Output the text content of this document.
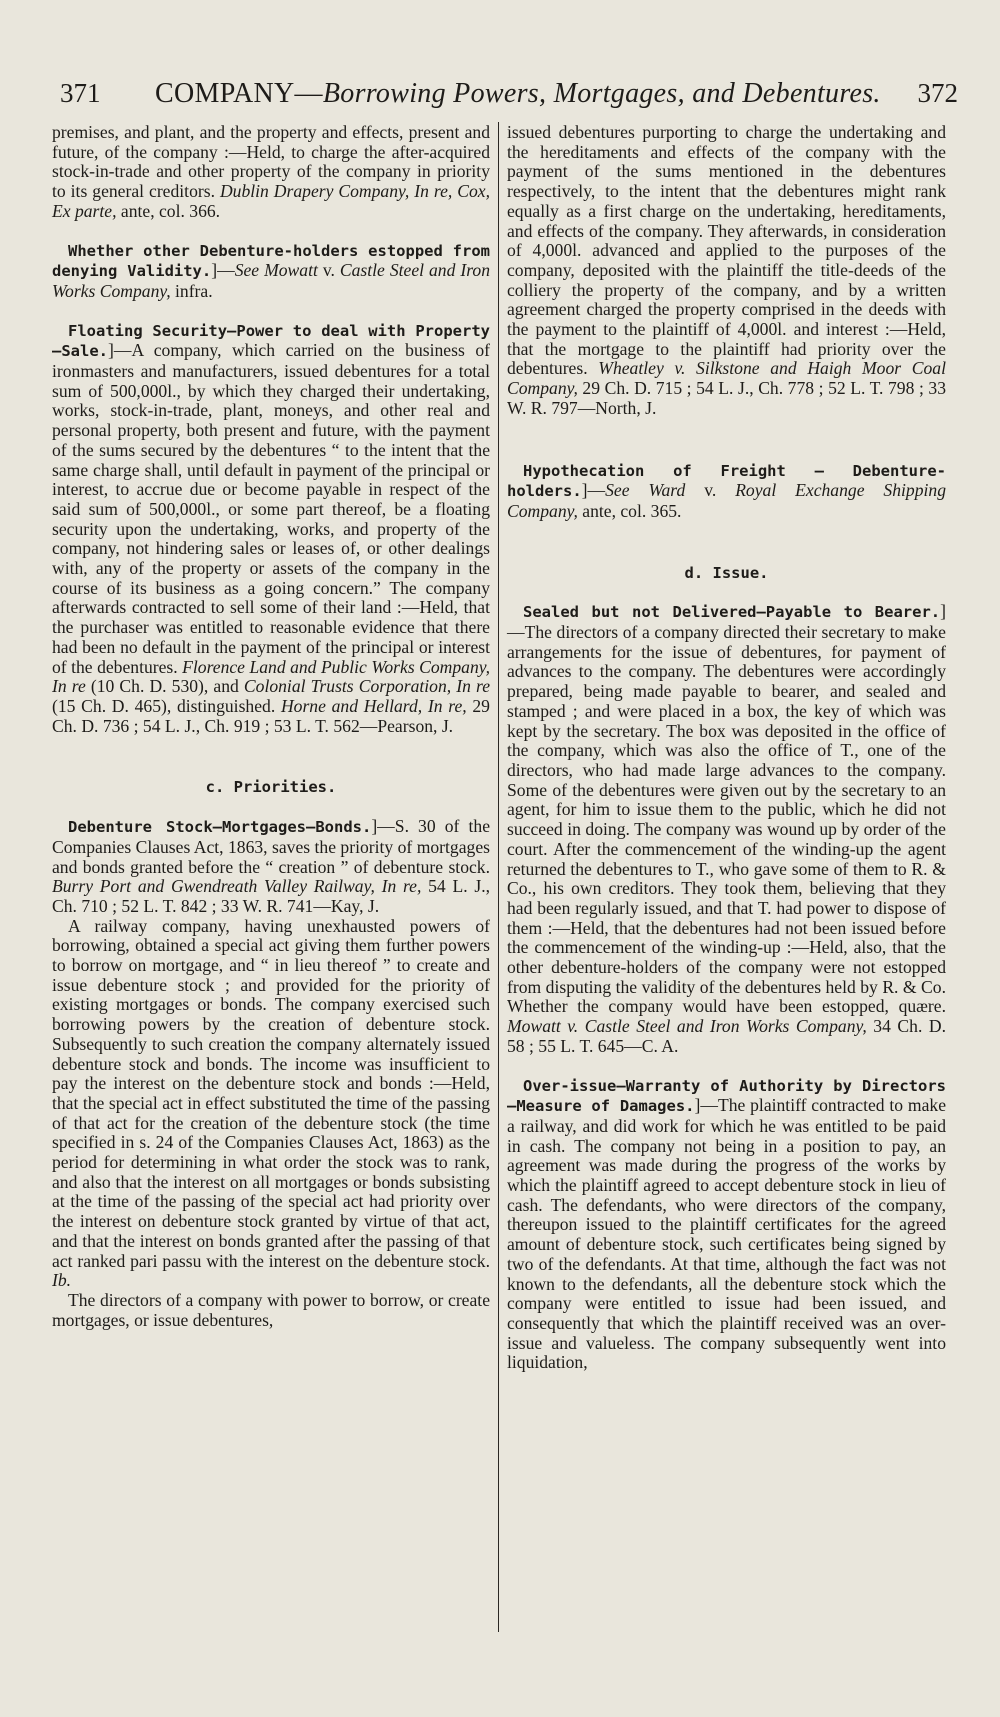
371 COMPANY—Borrowing Powers, Mortgages, and Debentures. 372

premises, and plant, and the property and effects, present and future, of the company :—Held, to charge the after-acquired stock-in-trade and other property of the company in priority to its general creditors. Dublin Drapery Company, In re, Cox, Ex parte, ante, col. 366.

Whether other Debenture-holders estopped from denying Validity.]—See Mowatt v. Castle Steel and Iron Works Company, infra.

Floating Security—Power to deal with Property—Sale.]—A company, which carried on the business of ironmasters and manufacturers, issued debentures for a total sum of 500,000l., by which they charged their undertaking, works, stock-in-trade, plant, moneys, and other real and personal property, both present and future, with the payment of the sums secured by the debentures “ to the intent that the same charge shall, until default in payment of the principal or interest, to accrue due or become payable in respect of the said sum of 500,000l., or some part thereof, be a floating security upon the undertaking, works, and property of the company, not hindering sales or leases of, or other dealings with, any of the property or assets of the company in the course of its business as a going concern.” The company afterwards contracted to sell some of their land :—Held, that the purchaser was entitled to reasonable evidence that there had been no default in the payment of the principal or interest of the debentures. Florence Land and Public Works Company, In re (10 Ch. D. 530), and Colonial Trusts Corporation, In re (15 Ch. D. 465), distinguished. Horne and Hellard, In re, 29 Ch. D. 736 ; 54 L. J., Ch. 919 ; 53 L. T. 562—Pearson, J.

c. Priorities.

Debenture Stock—Mortgages—Bonds.]—S. 30 of the Companies Clauses Act, 1863, saves the priority of mortgages and bonds granted before the “ creation ” of debenture stock. Burry Port and Gwendreath Valley Railway, In re, 54 L. J., Ch. 710 ; 52 L. T. 842 ; 33 W. R. 741—Kay, J.

A railway company, having unexhausted powers of borrowing, obtained a special act giving them further powers to borrow on mortgage, and “ in lieu thereof ” to create and issue debenture stock ; and provided for the priority of existing mortgages or bonds. The company exercised such borrowing powers by the creation of debenture stock. Subsequently to such creation the company alternately issued debenture stock and bonds. The income was insufficient to pay the interest on the debenture stock and bonds :—Held, that the special act in effect substituted the time of the passing of that act for the creation of the debenture stock (the time specified in s. 24 of the Companies Clauses Act, 1863) as the period for determining in what order the stock was to rank, and also that the interest on all mortgages or bonds subsisting at the time of the passing of the special act had priority over the interest on debenture stock granted by virtue of that act, and that the interest on bonds granted after the passing of that act ranked pari passu with the interest on the debenture stock. Ib.

The directors of a company with power to borrow, or create mortgages, or issue debentures,

issued debentures purporting to charge the undertaking and the hereditaments and effects of the company with the payment of the sums mentioned in the debentures respectively, to the intent that the debentures might rank equally as a first charge on the undertaking, hereditaments, and effects of the company. They afterwards, in consideration of 4,000l. advanced and applied to the purposes of the company, deposited with the plaintiff the title-deeds of the colliery the property of the company, and by a written agreement charged the property comprised in the deeds with the payment to the plaintiff of 4,000l. and interest :—Held, that the mortgage to the plaintiff had priority over the debentures. Wheatley v. Silkstone and Haigh Moor Coal Company, 29 Ch. D. 715 ; 54 L. J., Ch. 778 ; 52 L. T. 798 ; 33 W. R. 797—North, J.

Hypothecation of Freight — Debenture-holders.]—See Ward v. Royal Exchange Shipping Company, ante, col. 365.

d. Issue.

Sealed but not Delivered—Payable to Bearer.]—The directors of a company directed their secretary to make arrangements for the issue of debentures, for payment of advances to the company. The debentures were accordingly prepared, being made payable to bearer, and sealed and stamped ; and were placed in a box, the key of which was kept by the secretary. The box was deposited in the office of the company, which was also the office of T., one of the directors, who had made large advances to the company. Some of the debentures were given out by the secretary to an agent, for him to issue them to the public, which he did not succeed in doing. The company was wound up by order of the court. After the commencement of the winding-up the agent returned the debentures to T., who gave some of them to R. & Co., his own creditors. They took them, believing that they had been regularly issued, and that T. had power to dispose of them :—Held, that the debentures had not been issued before the commencement of the winding-up :—Held, also, that the other debenture-holders of the company were not estopped from disputing the validity of the debentures held by R. & Co. Whether the company would have been estopped, quære. Mowatt v. Castle Steel and Iron Works Company, 34 Ch. D. 58 ; 55 L. T. 645—C. A.

Over-issue—Warranty of Authority by Directors—Measure of Damages.]—The plaintiff contracted to make a railway, and did work for which he was entitled to be paid in cash. The company not being in a position to pay, an agreement was made during the progress of the works by which the plaintiff agreed to accept debenture stock in lieu of cash. The defendants, who were directors of the company, thereupon issued to the plaintiff certificates for the agreed amount of debenture stock, such certificates being signed by two of the defendants. At that time, although the fact was not known to the defendants, all the debenture stock which the company were entitled to issue had been issued, and consequently that which the plaintiff received was an over-issue and valueless. The company subsequently went into liquidation,
